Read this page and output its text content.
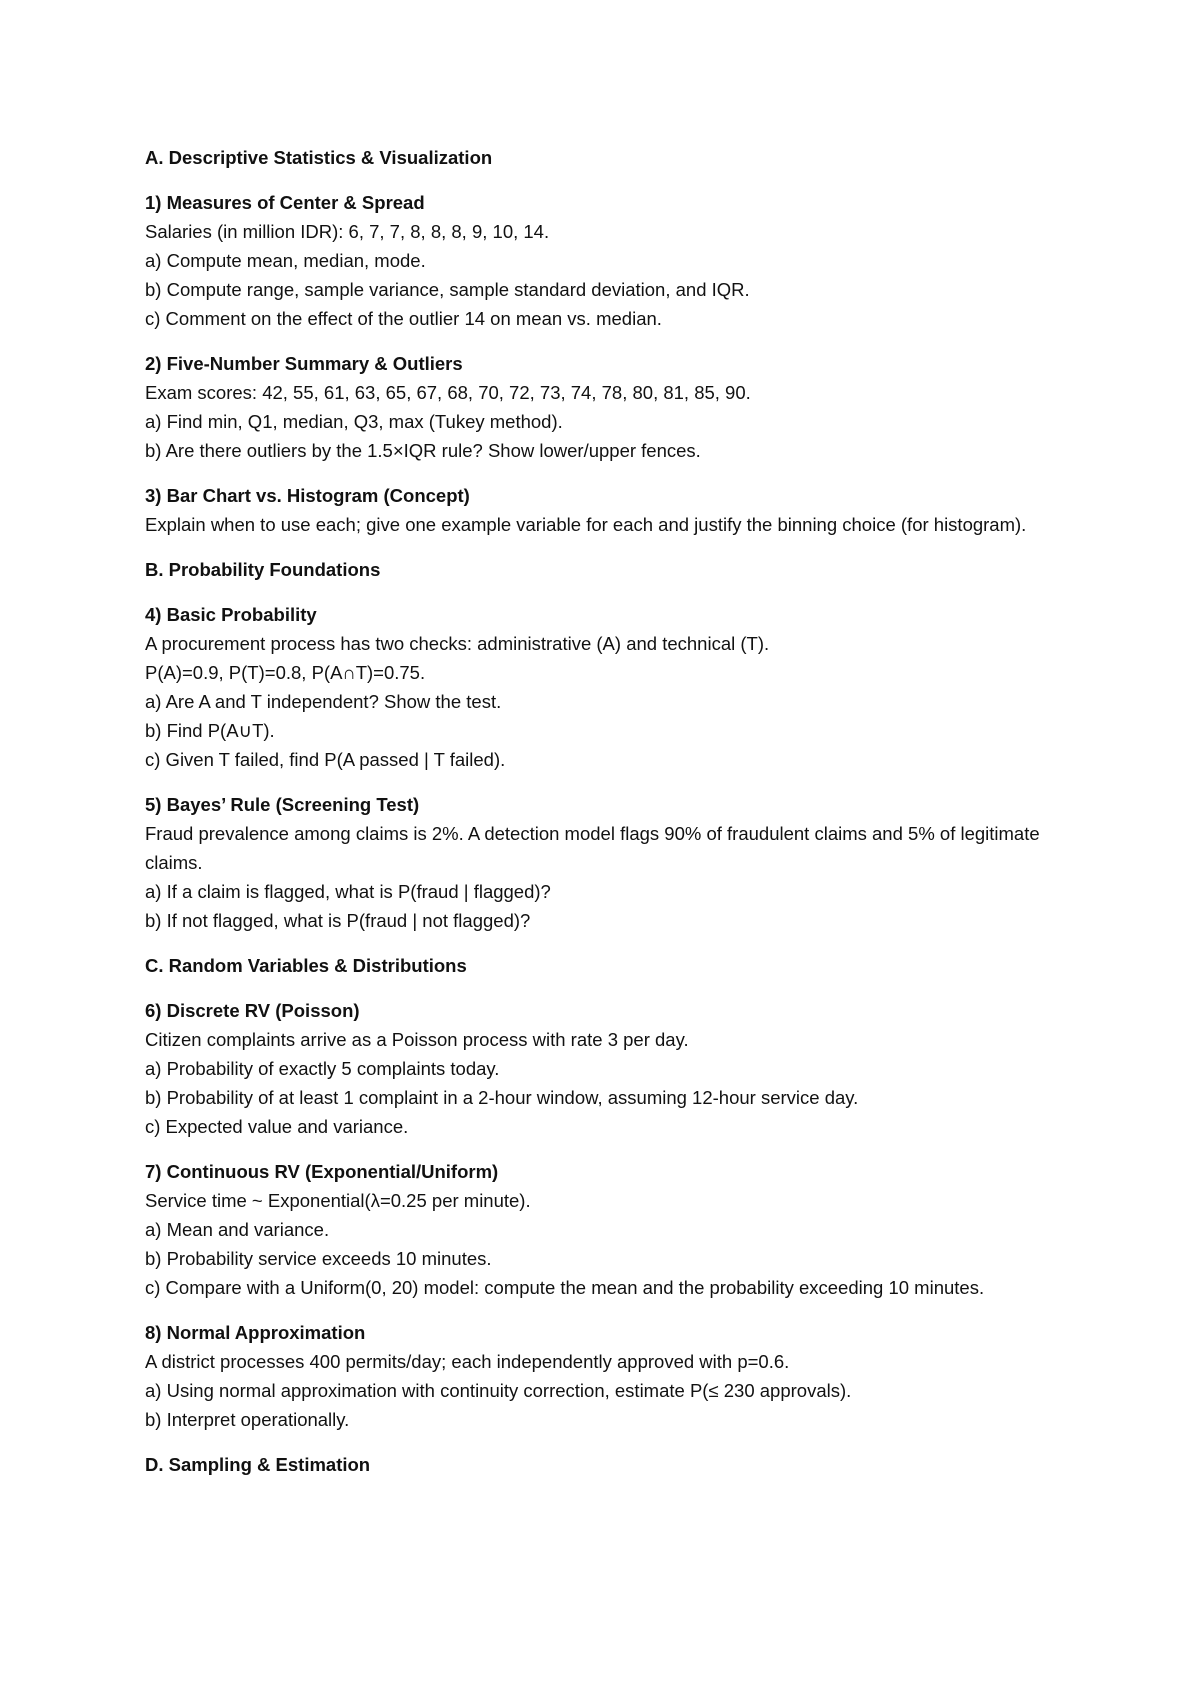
A. Descriptive Statistics & Visualization

1) Measures of Center & Spread

Salaries (in million IDR): 6, 7, 7, 8, 8, 8, 9, 10, 14.

a) Compute mean, median, mode.

b) Compute range, sample variance, sample standard deviation, and IQR.

c) Comment on the effect of the outlier 14 on mean vs. median.

2) Five-Number Summary & Outliers

Exam scores: 42, 55, 61, 63, 65, 67, 68, 70, 72, 73, 74, 78, 80, 81, 85, 90.

a) Find min, Q1, median, Q3, max (Tukey method).

b) Are there outliers by the 1.5×IQR rule? Show lower/upper fences.

3) Bar Chart vs. Histogram (Concept)

Explain when to use each; give one example variable for each and justify the binning choice (for histogram).

B. Probability Foundations

4) Basic Probability

A procurement process has two checks: administrative (A) and technical (T).

P(A)=0.9, P(T)=0.8, P(A∩T)=0.75.

a) Are A and T independent? Show the test.

b) Find P(A∪T).

c) Given T failed, find P(A passed | T failed).

5) Bayes’ Rule (Screening Test)

Fraud prevalence among claims is 2%. A detection model flags 90% of fraudulent claims and 5% of legitimate claims.

a) If a claim is flagged, what is P(fraud | flagged)?

b) If not flagged, what is P(fraud | not flagged)?

C. Random Variables & Distributions

6) Discrete RV (Poisson)

Citizen complaints arrive as a Poisson process with rate 3 per day.

a) Probability of exactly 5 complaints today.

b) Probability of at least 1 complaint in a 2-hour window, assuming 12-hour service day.

c) Expected value and variance.

7) Continuous RV (Exponential/Uniform)

Service time ~ Exponential(λ=0.25 per minute).

a) Mean and variance.

b) Probability service exceeds 10 minutes.

c) Compare with a Uniform(0, 20) model: compute the mean and the probability exceeding 10 minutes.

8) Normal Approximation

A district processes 400 permits/day; each independently approved with p=0.6.

a) Using normal approximation with continuity correction, estimate P(≤ 230 approvals).

b) Interpret operationally.

D. Sampling & Estimation
